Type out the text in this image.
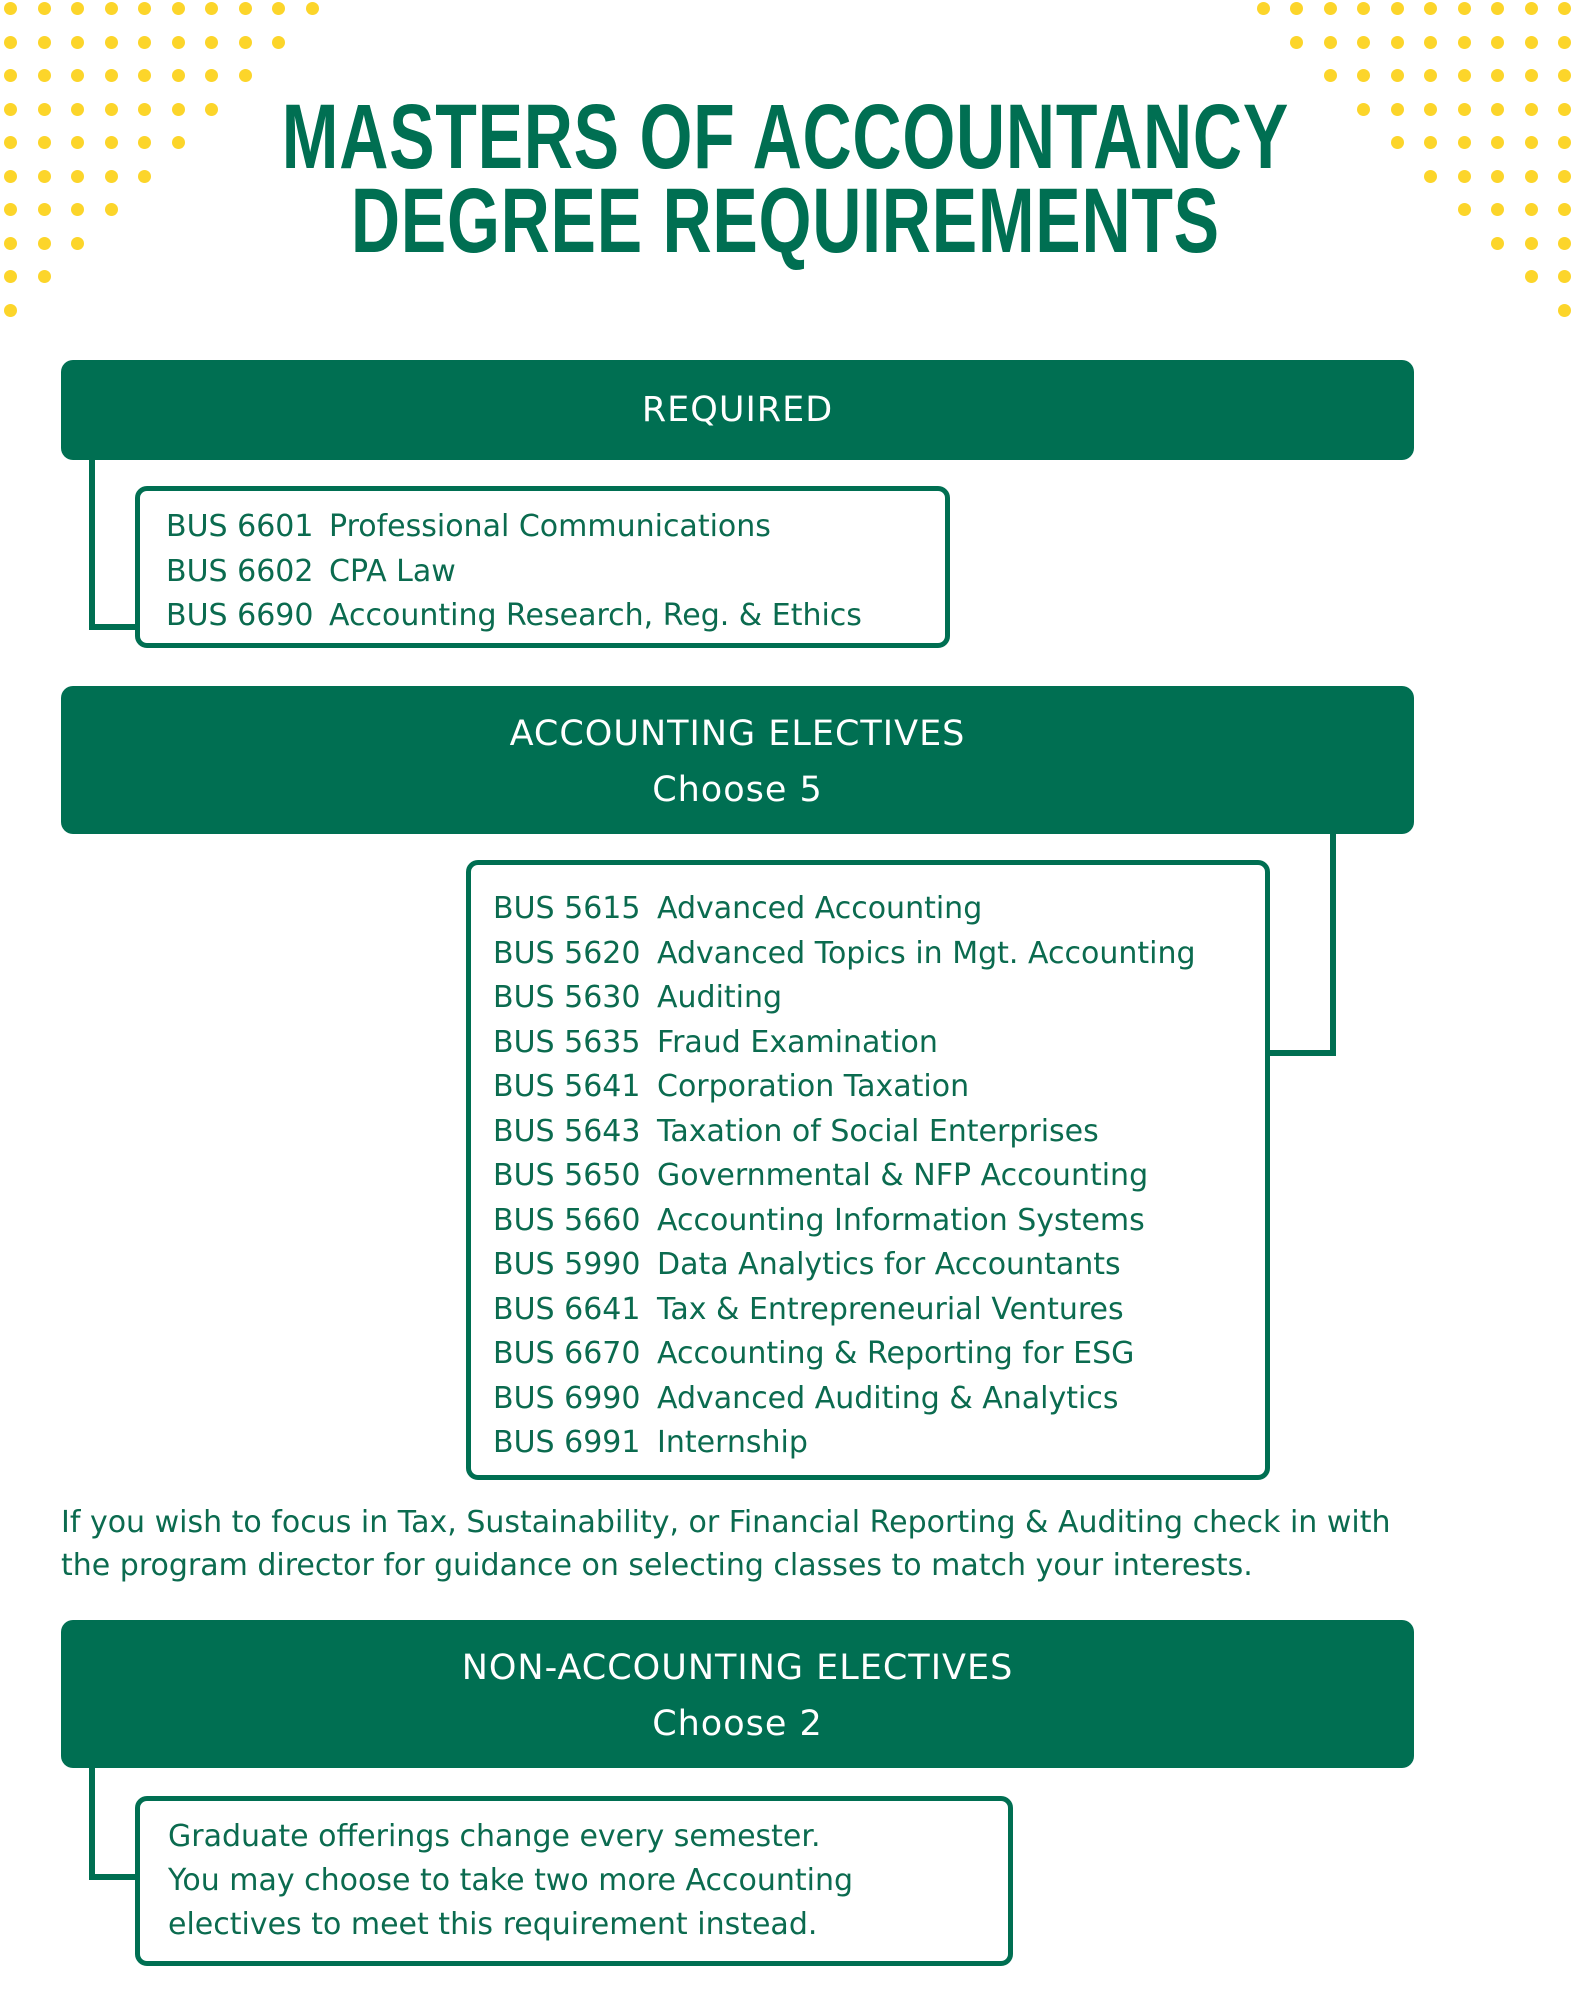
MASTERS OF ACCOUNTANCY
DEGREE REQUIREMENTS
REQUIRED
BUS 6601 Professional Communications
BUS 6602 CPA Law
BUS 6690 Accounting Research, Reg. & Ethics
ACCOUNTING ELECTIVES
Choose 5
BUS 5615 Advanced Accounting
BUS 5620 Advanced Topics in Mgt. Accounting
BUS 5630 Auditing
BUS 5635 Fraud Examination
BUS 5641 Corporation Taxation
BUS 5643 Taxation of Social Enterprises
BUS 5650 Governmental & NFP Accounting
BUS 5660 Accounting Information Systems
BUS 5990 Data Analytics for Accountants
BUS 6641 Tax & Entrepreneurial Ventures
BUS 6670 Accounting & Reporting for ESG
BUS 6990 Advanced Auditing & Analytics
BUS 6991 Internship
If you wish to focus in Tax, Sustainability, or Financial Reporting & Auditing check in with
the program director for guidance on selecting classes to match your interests.
NON-ACCOUNTING ELECTIVES
Choose 2
Graduate offerings change every semester.
You may choose to take two more Accounting
electives to meet this requirement instead.
